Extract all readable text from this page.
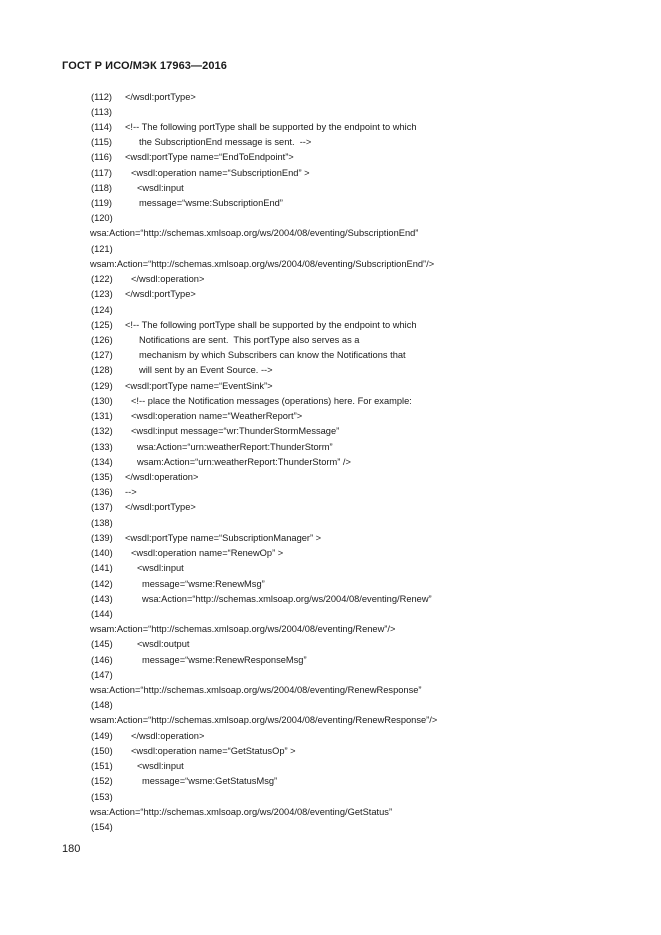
ГОСТ Р ИСО/МЭК 17963—2016
(112) </wsdl:portType>
(113)
(114) <!-- The following portType shall be supported by the endpoint to which
(115)	the SubscriptionEnd message is sent.  -->
(116) <wsdl:portType name=“EndToEndpoint”>
(117) <wsdl:operation name=“SubscriptionEnd” >
(118)	<wsdl:input
(119)	message=“wsme:SubscriptionEnd”
(120)
wsa:Action=“http://schemas.xmlsoap.org/ws/2004/08/eventing/SubscriptionEnd”
(121)
wsam:Action=“http://schemas.xmlsoap.org/ws/2004/08/eventing/SubscriptionEnd”/>
(122) </wsdl:operation>
(123) </wsdl:portType>
(124)
(125) <!-- The following portType shall be supported by the endpoint to which
(126)	Notifications are sent.  This portType also serves as a
(127)	mechanism by which Subscribers can know the Notifications that
(128)	will sent by an Event Source. -->
(129) <wsdl:portType name=“EventSink”>
(130) <!-- place the Notification messages (operations) here. For example:
(131) <wsdl:operation name=“WeatherReport”>
(132) <wsdl:input message=“wr:ThunderStormMessage”
(133)	wsa:Action=“urn:weatherReport:ThunderStorm”
(134)	wsam:Action=“urn:weatherReport:ThunderStorm” />
(135) </wsdl:operation>
(136) -->
(137) </wsdl:portType>
(138)
(139) <wsdl:portType name=“SubscriptionManager” >
(140) <wsdl:operation name=“RenewOp” >
(141)	<wsdl:input
(142)	message=“wsme:RenewMsg”
(143)	wsa:Action=“http://schemas.xmlsoap.org/ws/2004/08/eventing/Renew”
(144)
wsam:Action=“http://schemas.xmlsoap.org/ws/2004/08/eventing/Renew”/>
(145)	<wsdl:output
(146)	message=“wsme:RenewResponseMsg”
(147)
wsa:Action=“http://schemas.xmlsoap.org/ws/2004/08/eventing/RenewResponse”
(148)
wsam:Action=“http://schemas.xmlsoap.org/ws/2004/08/eventing/RenewResponse”/>
(149) </wsdl:operation>
(150) <wsdl:operation name=“GetStatusOp” >
(151)	<wsdl:input
(152)	message=“wsme:GetStatusMsg”
(153)
wsa:Action=“http://schemas.xmlsoap.org/ws/2004/08/eventing/GetStatus”
(154)
180
